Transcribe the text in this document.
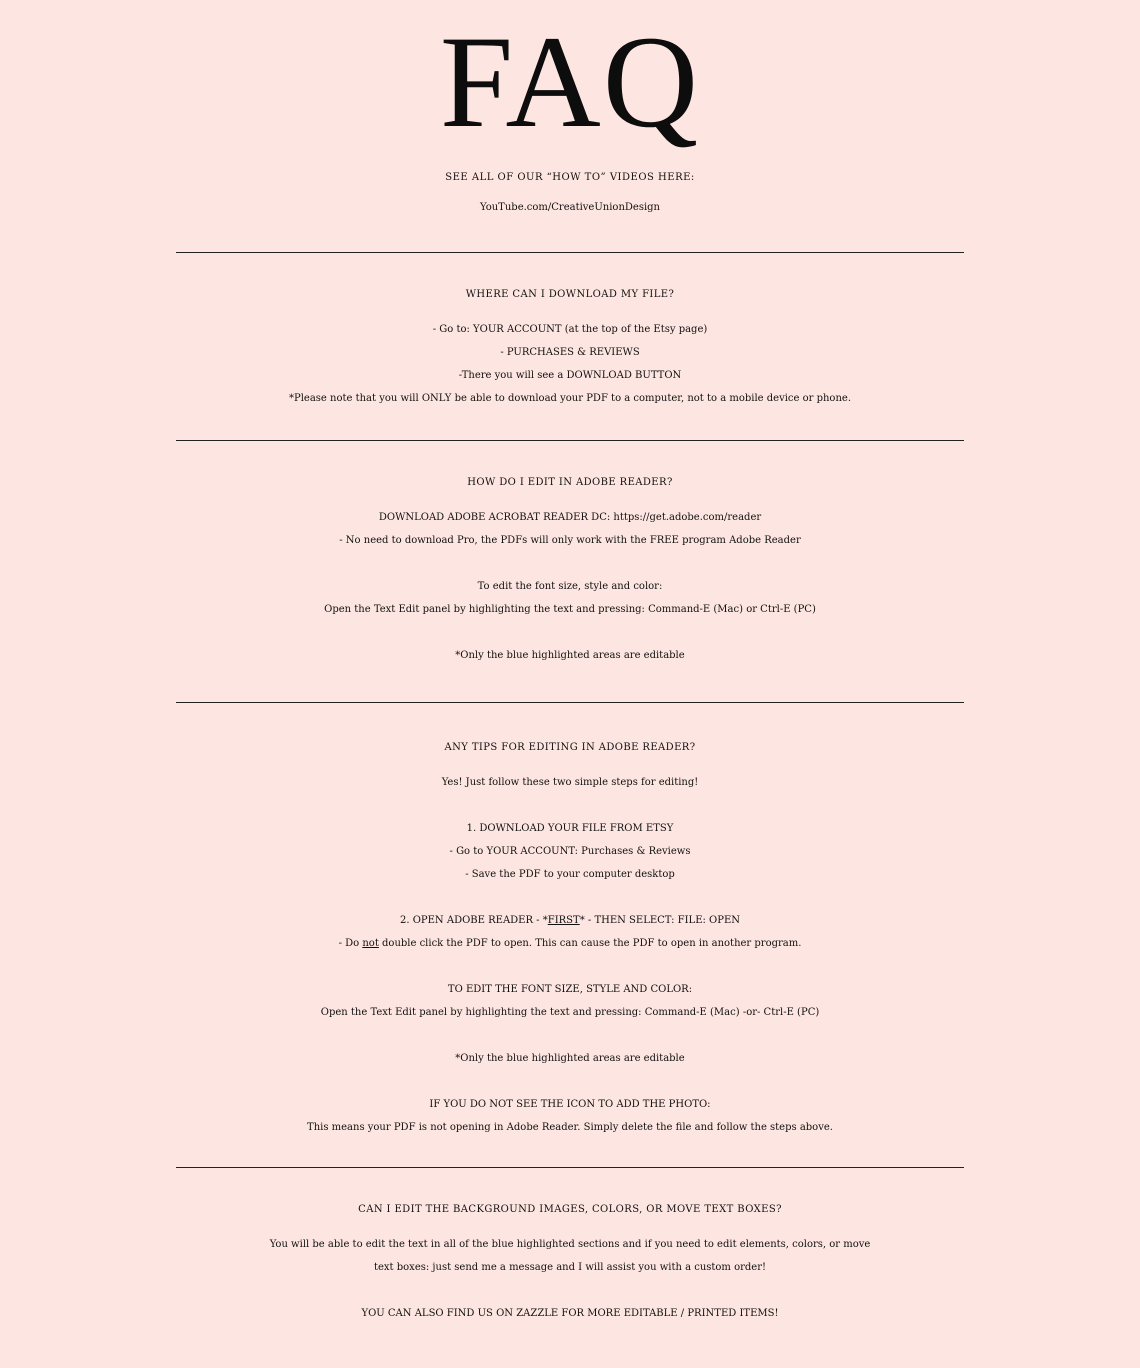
FAQ
SEE ALL OF OUR “HOW TO” VIDEOS HERE:
YouTube.com/CreativeUnionDesign
WHERE CAN I DOWNLOAD MY FILE?
- Go to: YOUR ACCOUNT (at the top of the Etsy page)
- PURCHASES & REVIEWS
-There you will see a DOWNLOAD BUTTON
*Please note that you will ONLY be able to download your PDF to a computer, not to a mobile device or phone.
HOW DO I EDIT IN ADOBE READER?
DOWNLOAD ADOBE ACROBAT READER DC: https://get.adobe.com/reader
- No need to download Pro, the PDFs will only work with the FREE program Adobe Reader
To edit the font size, style and color:
Open the Text Edit panel by highlighting the text and pressing: Command-E (Mac) or Ctrl-E (PC)
*Only the blue highlighted areas are editable
ANY TIPS FOR EDITING IN ADOBE READER?
Yes! Just follow these two simple steps for editing!
1. DOWNLOAD YOUR FILE FROM ETSY
- Go to YOUR ACCOUNT: Purchases & Reviews
- Save the PDF to your computer desktop
2. OPEN ADOBE READER - *FIRST* - THEN SELECT: FILE: OPEN
- Do not double click the PDF to open. This can cause the PDF to open in another program.
TO EDIT THE FONT SIZE, STYLE AND COLOR:
Open the Text Edit panel by highlighting the text and pressing: Command-E (Mac) -or- Ctrl-E (PC)
*Only the blue highlighted areas are editable
IF YOU DO NOT SEE THE ICON TO ADD THE PHOTO:
This means your PDF is not opening in Adobe Reader. Simply delete the file and follow the steps above.
CAN I EDIT THE BACKGROUND IMAGES, COLORS, OR MOVE TEXT BOXES?
You will be able to edit the text in all of the blue highlighted sections and if you need to edit elements, colors, or move
text boxes: just send me a message and I will assist you with a custom order!
YOU CAN ALSO FIND US ON ZAZZLE FOR MORE EDITABLE / PRINTED ITEMS!
